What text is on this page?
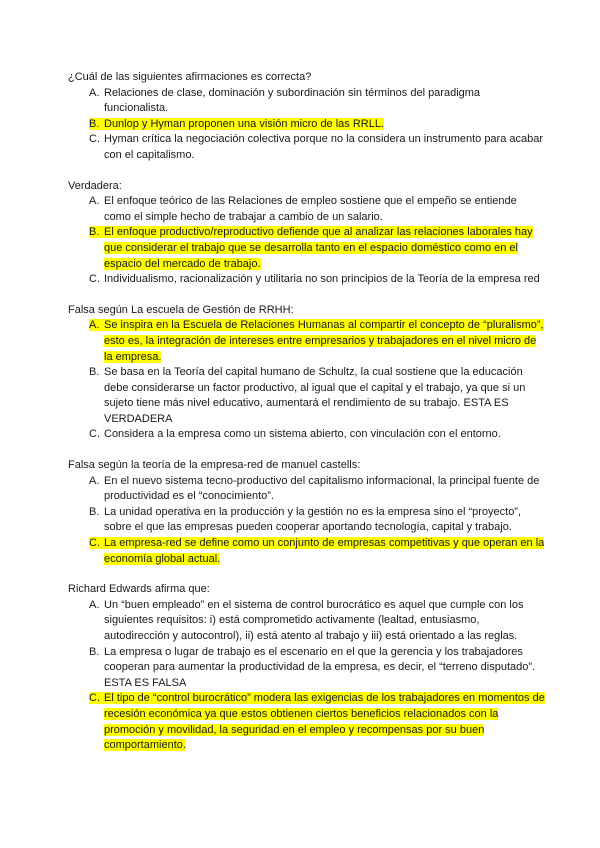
¿Cuál de las siguientes afirmaciones es correcta?
A. Relaciones de clase, dominación y subordinación sin términos del paradigma funcionalista.
B. Dunlop y Hyman proponen una visión micro de las RRLL.
C. Hyman crítica la negociación colectiva porque no la considera un instrumento para acabar con el capitalismo.
Verdadera:
A. El enfoque teórico de las Relaciones de empleo sostiene que el empeño se entiende como el simple hecho de trabajar a cambio de un salario.
B. El enfoque productivo/reproductivo defiende que al analizar las relaciones laborales hay que considerar el trabajo que se desarrolla tanto en el espacio doméstico como en el espacio del mercado de trabajo.
C. Individualismo, racionalización y utilitaria no son principios de la Teoría de la empresa red
Falsa según La escuela de Gestión de RRHH:
A. Se inspira en la Escuela de Relaciones Humanas al compartir el concepto de “pluralismo”, esto es, la integración de intereses entre empresarios y trabajadores en el nivel micro de la empresa.
B. Se basa en la Teoría del capital humano de Schultz, la cual sostiene que la educación debe considerarse un factor productivo, al igual que el capital y el trabajo, ya que si un sujeto tiene más nivel educativo, aumentará el rendimiento de su trabajo. ESTA ES VERDADERA
C. Considera a la empresa como un sistema abierto, con vinculación con el entorno.
Falsa según la teoría de la empresa-red de manuel castells:
A. En el nuevo sistema tecno-productivo del capitalismo informacional, la principal fuente de productividad es el “conocimiento”.
B. La unidad operativa en la producción y la gestión no es la empresa sino el “proyecto”, sobre el que las empresas pueden cooperar aportando tecnología, capital y trabajo.
C. La empresa-red se define como un conjunto de empresas competitivas y que operan en la economía global actual.
Richard Edwards afirma que:
A. Un “buen empleado” en el sistema de control burocrático es aquel que cumple con los siguientes requisitos: i) está comprometido activamente (lealtad, entusiasmo, autodirección y autocontrol), ii) está atento al trabajo y iii) está orientado a las reglas.
B. La empresa o lugar de trabajo es el escenario en el que la gerencia y los trabajadores cooperan para aumentar la productividad de la empresa, es decir, el “terreno disputado”. ESTA ES FALSA
C. El tipo de “control burocrático” modera las exigencias de los trabajadores en momentos de recesión económica ya que estos obtienen ciertos beneficios relacionados con la promoción y movilidad, la seguridad en el empleo y recompensas por su buen comportamiento.
